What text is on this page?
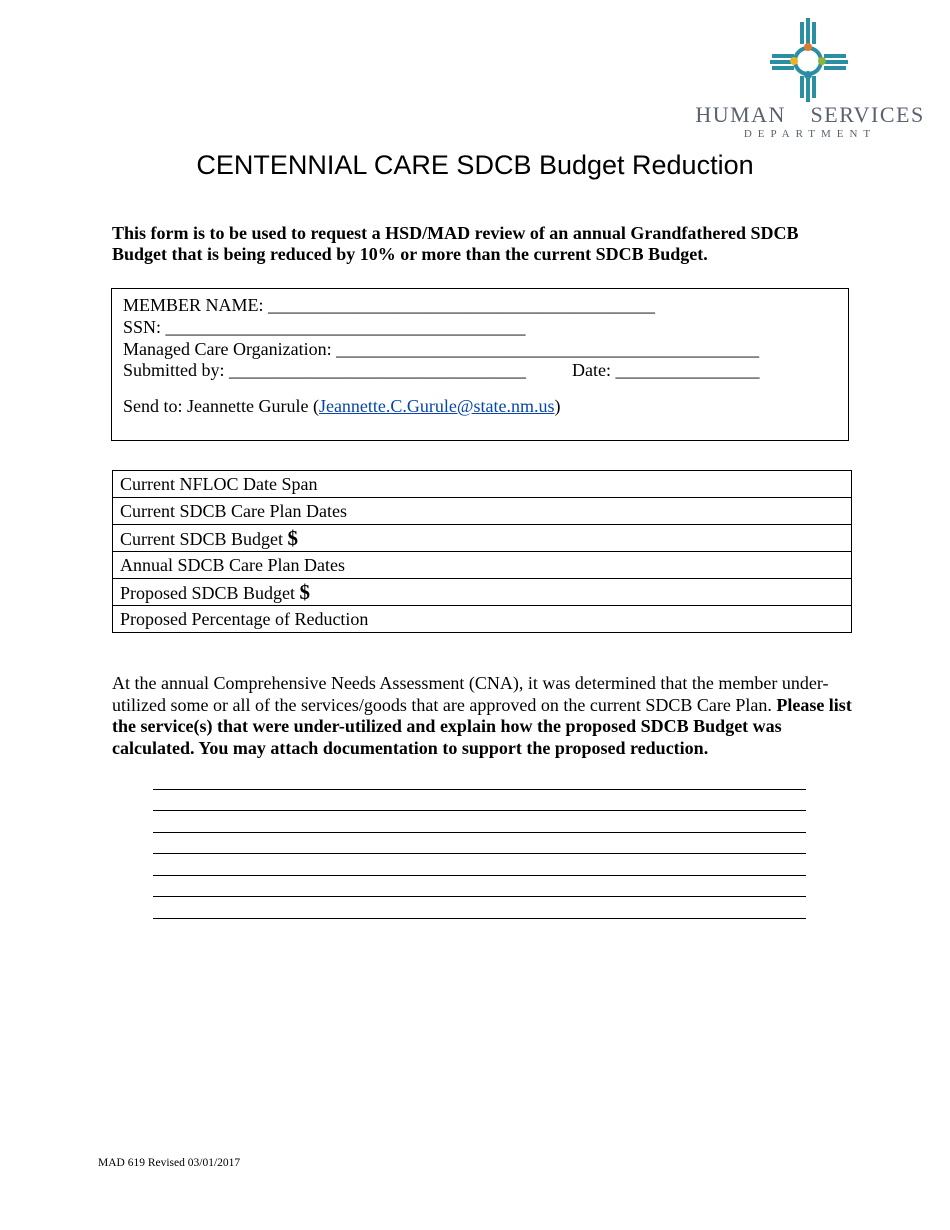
HUMAN ⠀SERVICES
DEPARTMENT
CENTENNIAL CARE SDCB Budget Reduction
This form is to be used to request a HSD/MAD review of an annual Grandfathered SDCB Budget that is being reduced by 10% or more than the current SDCB Budget.
MEMBER NAME: ___________________________________________
SSN: ________________________________________
Managed Care Organization: _______________________________________________
Submitted by: _________________________________	Date: ________________
Send to: Jeannette Gurule (Jeannette.C.Gurule@state.nm.us)
Current NFLOC Date Span
Current SDCB Care Plan Dates
Current SDCB Budget $
Annual SDCB Care Plan Dates
Proposed SDCB Budget $
Proposed Percentage of Reduction
At the annual Comprehensive Needs Assessment (CNA), it was determined that the member under-utilized some or all of the services/goods that are approved on the current SDCB Care Plan. Please list the service(s) that were under-utilized and explain how the proposed SDCB Budget was calculated. You may attach documentation to support the proposed reduction.
MAD 619 Revised 03/01/2017
